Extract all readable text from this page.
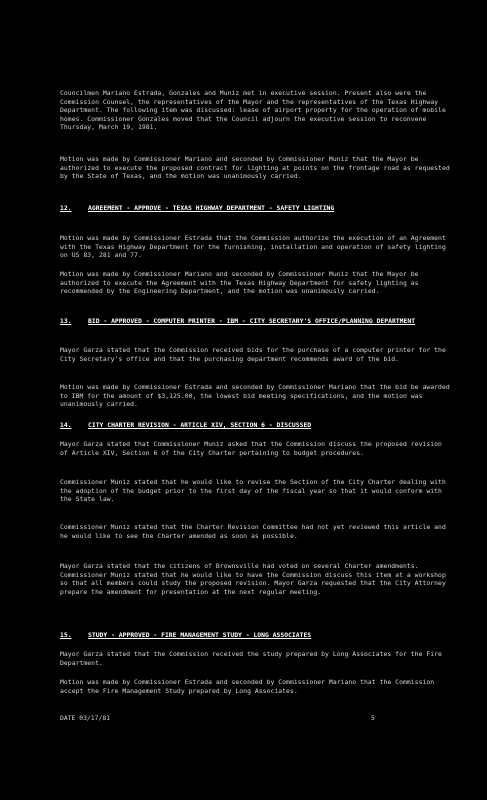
Councilmen Mariano Estrada, Gonzales and Muniz met in executive session. Present also were the Commission Counsel, the representatives of the Mayor and the representatives of the Texas Highway Department. The following item was discussed: lease of airport property for the operation of mobile homes. Commissioner Gonzales moved that the Council adjourn the executive session to reconvene Thursday, March 19, 1981.
Motion was made by Commissioner Mariano and seconded by Commissioner Muniz that the Mayor be authorized to execute the proposed contract for lighting at points on the frontage road as requested by the State of Texas, and the motion was unanimously carried.
12.	AGREEMENT - APPROVE - TEXAS HIGHWAY DEPARTMENT - SAFETY LIGHTING
Motion was made by Commissioner Estrada that the Commission authorize the execution of an Agreement with the Texas Highway Department for the furnishing, installation and operation of safety lighting on US 83, 281 and 77.
Motion was made by Commissioner Mariano and seconded by Commissioner Muniz that the Mayor be authorized to execute the Agreement with the Texas Highway Department for safety lighting as recommended by the Engineering Department, and the motion was unanimously carried.
13.	BID - APPROVED - COMPUTER PRINTER - IBM - CITY SECRETARY'S OFFICE/PLANNING DEPARTMENT
Mayor Garza stated that the Commission received bids for the purchase of a computer printer for the City Secretary's office and that the purchasing department recommends award of the bid.
Motion was made by Commissioner Estrada and seconded by Commissioner Mariano that the bid be awarded to IBM for the amount of $3,125.00, the lowest bid meeting specifications, and the motion was unanimously carried.
14.	CITY CHARTER REVISION - ARTICLE XIV, SECTION 6 - DISCUSSED
Mayor Garza stated that Commissioner Muniz asked that the Commission discuss the proposed revision of Article XIV, Section 6 of the City Charter pertaining to budget procedures.
Commissioner Muniz stated that he would like to revise the Section of the City Charter dealing with the adoption of the budget prior to the first day of the fiscal year so that it would conform with the State law.
Commissioner Muniz stated that the Charter Revision Committee had not yet reviewed this article and he would like to see the Charter amended as soon as possible.
Mayor Garza stated that the citizens of Brownsville had voted on several Charter amendments. Commissioner Muniz stated that he would like to have the Commission discuss this item at a workshop so that all members could study the proposed revision. Mayor Garza requested that the City Attorney prepare the amendment for presentation at the next regular meeting.
15.	STUDY - APPROVED - FIRE MANAGEMENT STUDY - LONG ASSOCIATES
Mayor Garza stated that the Commission received the study prepared by Long Associates for the Fire Department.
Motion was made by Commissioner Estrada and seconded by Commissioner Mariano that the Commission accept the Fire Management Study prepared by Long Associates.
DATE 03/17/81	5
